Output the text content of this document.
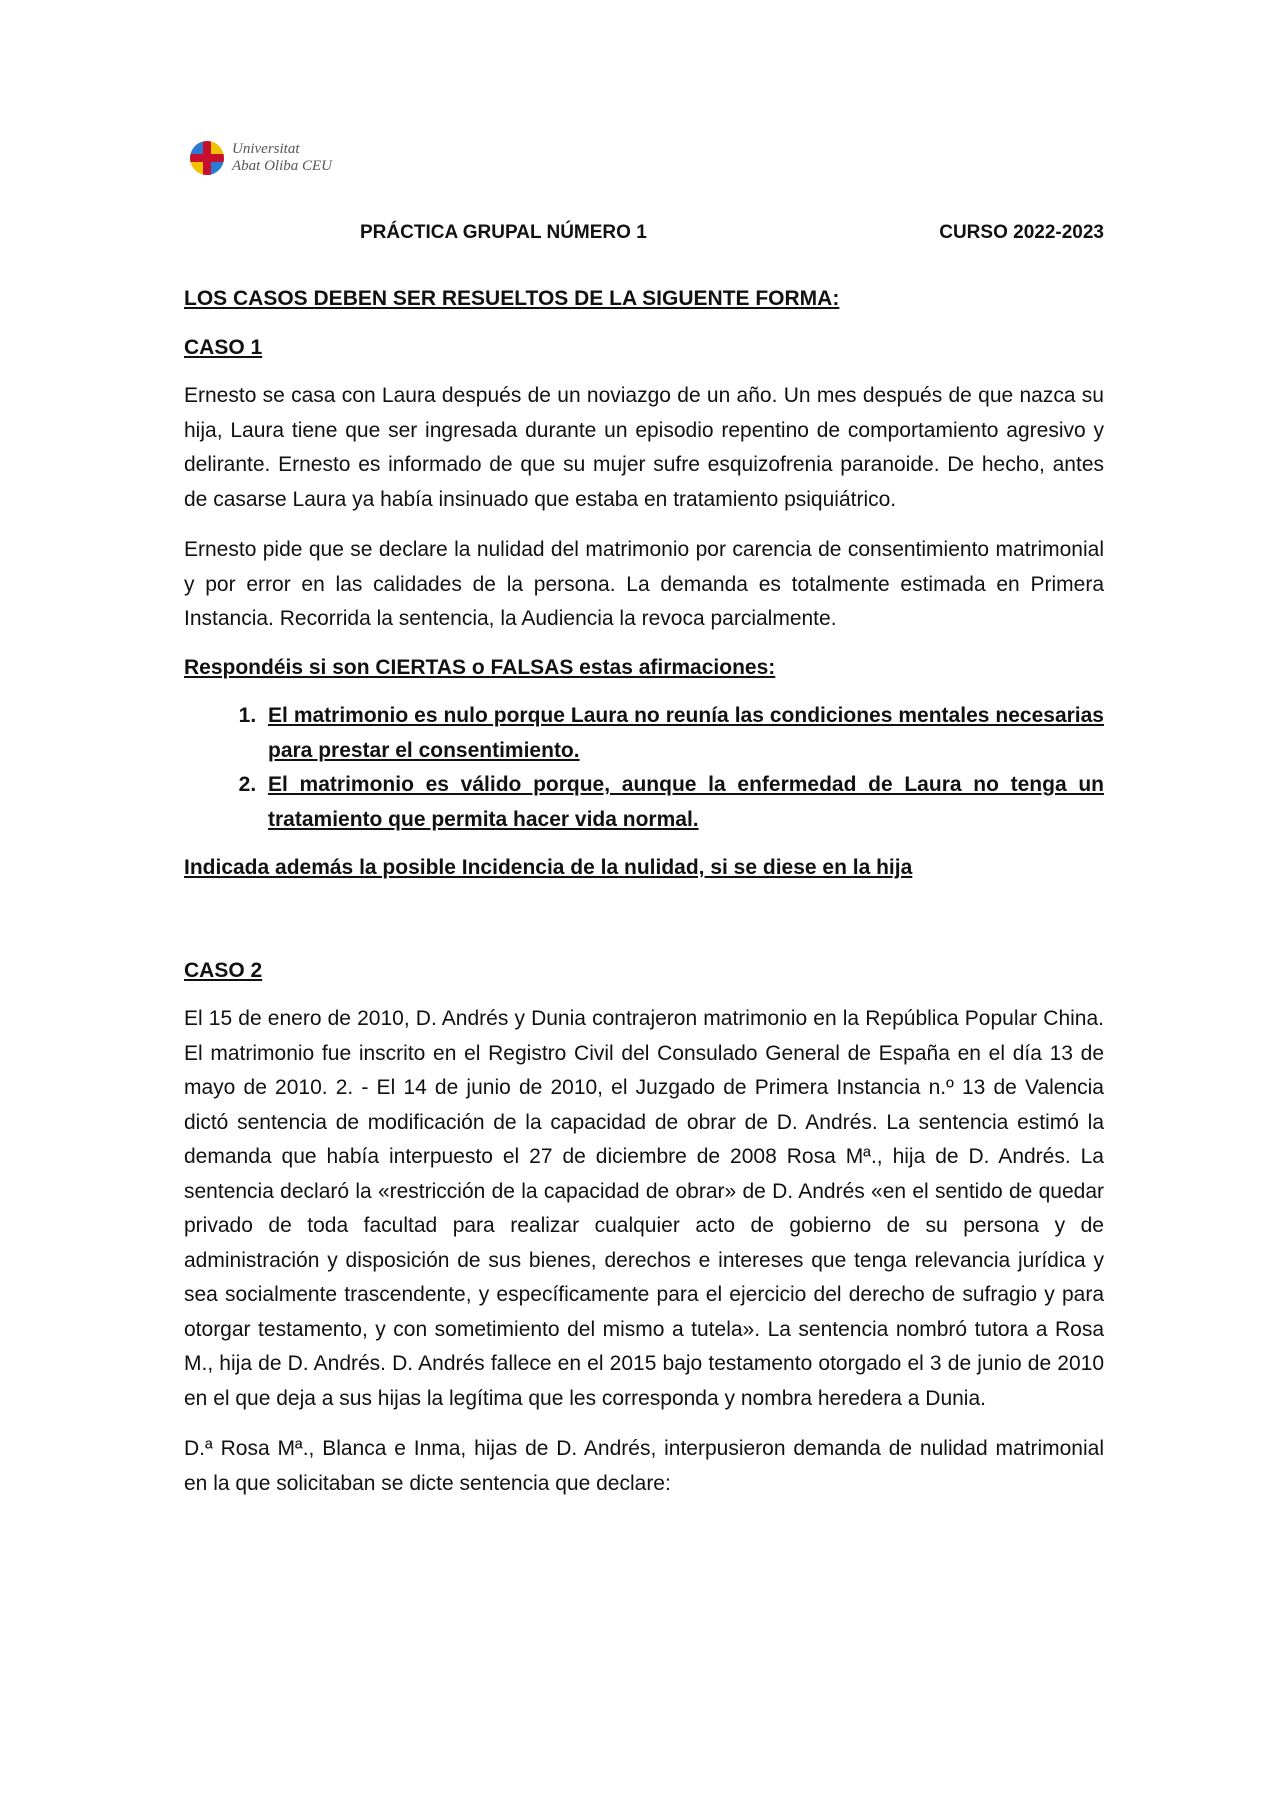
Universitat
Abat Oliba CEU
PRÁCTICA GRUPAL NÚMERO 1	CURSO 2022-2023

LOS CASOS DEBEN SER RESUELTOS DE LA SIGUENTE FORMA:

CASO 1

Ernesto se casa con Laura después de un noviazgo de un año. Un mes después de que nazca su hija, Laura tiene que ser ingresada durante un episodio repentino de comportamiento agresivo y delirante. Ernesto es informado de que su mujer sufre esquizofrenia paranoide. De hecho, antes de casarse Laura ya había insinuado que estaba en tratamiento psiquiátrico.

Ernesto pide que se declare la nulidad del matrimonio por carencia de consentimiento matrimonial y por error en las calidades de la persona. La demanda es totalmente estimada en Primera Instancia. Recorrida la sentencia, la Audiencia la revoca parcialmente.

Respondéis si son CIERTAS o FALSAS estas afirmaciones:

1. El matrimonio es nulo porque Laura no reunía las condiciones mentales necesarias para prestar el consentimiento.
2. El matrimonio es válido porque, aunque la enfermedad de Laura no tenga un tratamiento que permita hacer vida normal.

Indicada además la posible Incidencia de la nulidad, si se diese en la hija

CASO 2

El 15 de enero de 2010, D. Andrés y Dunia contrajeron matrimonio en la República Popular China. El matrimonio fue inscrito en el Registro Civil del Consulado General de España en el día 13 de mayo de 2010. 2. - El 14 de junio de 2010, el Juzgado de Primera Instancia n.º 13 de Valencia dictó sentencia de modificación de la capacidad de obrar de D. Andrés. La sentencia estimó la demanda que había interpuesto el 27 de diciembre de 2008 Rosa Mª., hija de D. Andrés. La sentencia declaró la «restricción de la capacidad de obrar» de D. Andrés «en el sentido de quedar privado de toda facultad para realizar cualquier acto de gobierno de su persona y de administración y disposición de sus bienes, derechos e intereses que tenga relevancia jurídica y sea socialmente trascendente, y específicamente para el ejercicio del derecho de sufragio y para otorgar testamento, y con sometimiento del mismo a tutela». La sentencia nombró tutora a Rosa M., hija de D. Andrés. D. Andrés fallece en el 2015 bajo testamento otorgado el 3 de junio de 2010 en el que deja a sus hijas la legítima que les corresponda y nombra heredera a Dunia.

D.ª Rosa Mª., Blanca e Inma, hijas de D. Andrés, interpusieron demanda de nulidad matrimonial en la que solicitaban se dicte sentencia que declare:
